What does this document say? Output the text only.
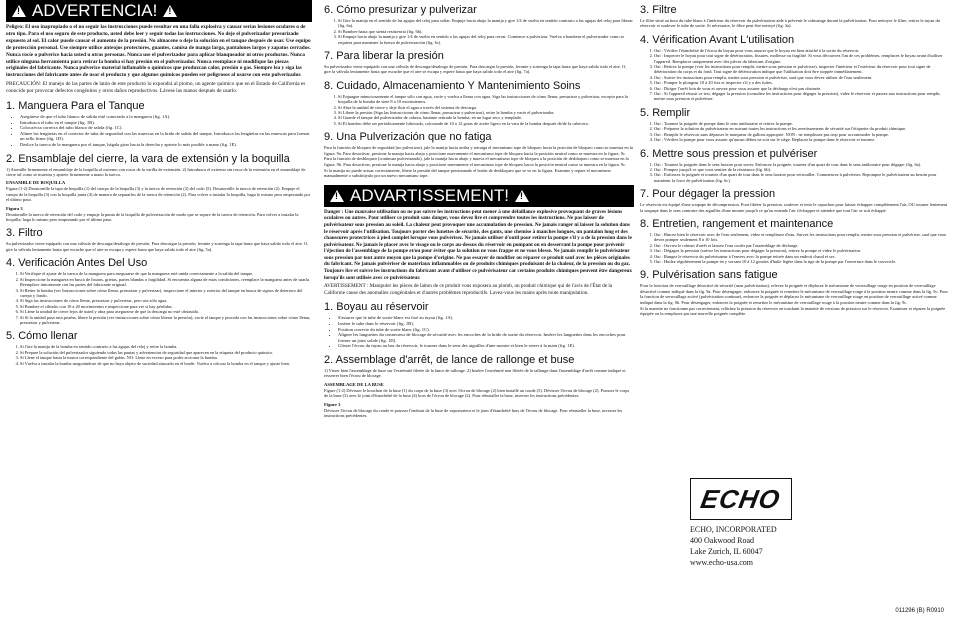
!
ADVERTENCIA!
!

Peligro: El uso inapropiado o el no seguir las instrucciones puede resultar en una falla explosiva y causar serias lesiones oculares o de otro tipo. Para el uso seguro de este producto, usted debe leer y seguir todas las instrucciones. No deje el pulverizador presurizado expuesto al sol. El calor puede causar el aumento de la presión. No almacene o deje la solución en el tanque después de usar. Use equipo de protección personal. Use siempre utilice anteojos protectores, guantes, camisa de manga larga, pantalones largos y zapatos cerrados. Nunca rocíe o pulverice hacia usted u otras personas. Nunca use el pulverizador para aplicar blanqueador ni otros productos. Nunca utilice ninguna herramienta para retirar la bomba si hay presión en el pulverizador. Nunca reemplace ni modifique las piezas originales del fabricante. Nunca pulverice material inflamable o químicos que produzcan calor, presión o gas. Siempre lea y siga las instrucciones del fabricante antes de usar el producto y que algunos químicos pueden ser peligrosos al usarse con este pulverizador.

PRECAUCIÓN: El manejo de las partes de latón de este producto lo expondrá al plomo, un agente químico que en el Estado de California es conocido por provocar defectos congénitos y otros daños reproductivos. Lávese las manos después de usarlo.

1. Manguera Para el Tanque
• Asegúrese de que el tubo blanco de salida esté conectado a la manguera (fig. 1A).
• Introduzca el tubo en el tanque (fig. 1B).
• Coloca/ecta correcta del tubo blanco de salida (fig. 1C).
• Alinee las lengüetas en el conector de tuba de seguridad con las muescas en la brida de salida del tanque. Introduzca las lengüetas en las muescas para formar un sello firme (fig. 1D).
• Deslice la tuerca de la manguera por el tanque, hágala girar hacia la derecha y apriete lo más posible a mano (fig. 1E).
2. Ensamblaje del cierre, la vara de extensión y la boquilla

1) Atornille firmemente el ensamblaje de la boquilla al extremo con rosca de la varilla de extensión. 2) Introduzca el extremo sin rosca de la extensión en el ensamblaje de cierre tal como se muestra y apriete firmemente a mano la tuerca.

ENSAMBLE DE BOQUILLA

Figura (1-2) Desatornille la tapa de boquilla (1) del cuerpo de la boquilla (3) y la tuerca de retención (2) del codo (5). Desatornille la tuerca de retención (2). Empuje el cuerpo de la boquilla (3) con la boquilla junta (4) de manera de separarlos de la tuerca de retención (2). Para volver a instalar la boquilla, haga lo mismo pero empezando por el último paso.

Figura 3

Desatornille la tuerca de retención del codo y empuje la punta de la boquilla de pulverización de modo que se separe de la tuerca de retención. Para volver a instalar la boquilla, haga lo mismo pero empezando por el último paso.

3. Filtro

Su pulverizador viene equipado con una válvula de descarga/desahogo de presión. Para descargar la presión, levante y sostenga la tapa hasta que haya salido todo el aire. O, gire la válvula lentamente hasta que escuche que el aire se escapa y espere hasta que haya salido todo el aire (fig. 5a).

4. Verificación Antes Del Uso
1. Sí Verifique el ajuste de la tuerca de la manguera para asegurarse de que la manguera esté unida correctamente a la salida del tanque.
2. Sí Inspeccione la manguera en busca de fisuras, grietas, partes blandas o fragilidad. Si encuentra alguna de estas condiciones, reemplace la manguera antes de usarla. Reemplace únicamente con las partes del fabricante original.
3. Sí Retire la bomba (ver Instrucciones sobre cómo llenar, presurizar y pulverizar), inspeccione el interior y exterior del tanque en busca de signos de deterioro del cuerpo y fondo.
4. Sí Siga las instrucciones de cómo llenar, presurizar y pulverizar, pero use sólo agua.
5. Sí Bombee el cilindro con 10 a 20 movimientos e inspeccione para ver si hay pérdidas.
6. Sí Llene la unidad de cierre lejos de usted y abra para asegurarse de que la descarga no esté obstruida.
7. Sí Si la unidad pasa esta prueba, libere la presión (ver instrucciones sobre cómo liberar la presión), vacíe el tanque y proceda con las instrucciones sobre cómo llenar, presurizar y pulverizar.
5. Cómo llenar
1. Sí Gire la manija de la bomba en sentido contrario a las agujas del reloj y retire la bomba.
2. Sí Prepare la solución del pulverizador siguiendo todas las pautas y advertencias de seguridad que aparecen en la etiqueta del producto químico.
3. Sí Llene el tanque hasta la marca correspondiente del galón. NO: Llene en exceso para poder accionar la bomba.
4. Sí Vuelva a instalar la bomba asegurándose de que no haya objeto de suciedad atascado en el borde. Vuelva a colocar la bomba en el tanque y ajuste bien.
6. Cómo presurizar y pulverizar
1. Sí Gire la manija en el sentido de las agujas del reloj para soltar. Empuje hacia abajo la manija y gire 1/4 de vuelta en sentido contrario a las agujas del reloj para liberar (fig. 6a).
2. Sí Bombee hasta que sienta resistencia (fig. 6b).
3. Sí Empuje hacia abajo la manija y gire 1/4 de vuelta en sentido a las agujas del reloj para cerrar. Comience a pulverizar. Vuelva a bombear el pulverizador como se requiera para mantener la fuerza de pulverización (fig. 6c).
7. Para liberar la presión

Su pulverizador viene equipado con una válvula de descarga/desahogo de presión. Para descargar la presión, levante y sostenga la tapa hasta que haya salido todo el aire. O, gire la válvula lentamente hasta que escuche que el aire se escapa y espere hasta que haya salido todo el aire (fig. 7a).

8. Cuidado, Almacenamiento Y Mantenimiento Soins
1. Sí Enjuague minuciosamente el tanque sólo con agua, vacíe y vuelva a llenar con agua. Siga las instrucciones de cómo llenar, presurizar y pulverizar, excepto para la boquilla de la bomba de siete 8 a 10 movimientos.
2. Sí Abra la unidad de cierre y deje fluir el agua a través del sistema de descarga.
3. Sí Libere la presión (Siga las Instrucciones de cómo llenar, presurizar y pulverizar), retire la bomba y vacíe el pulverizador.
4. Sí Guarde el tanque del pulverizador de cabeza, bastante retirado la bomba, en un lugar seco y templado.
5. Sí El hombro debe ser periódicamente lubricado, colocando de 10 a 12 gotas de aceite ligero en la vara de la bomba después de/de la cabecera.
9. Una Pulverización que no fatiga

Para la función de bloqueo de seguridad (no pulverizar), jale la manija hacia arriba y retraiga el mecanismo tope de bloqueo hacia la posición de bloqueo como se muestra en la figura. 9a. Para desactivar, presione la manija hacia abajo y posicione nuevamente el mecanismo tope de bloqueo hacia la posición neutral como se muestra en la figura. 9c. Para la función de desbloqueo (continuar pulverizando), jale la manija hacia abajo y mueva el mecanismo tope de bloqueo a la posición de desbloqueo como se muestra en la figura. 9b. Para desactivar, presione la manija hacia abajo y posicione nuevamente el mecanismo tope de bloqueo hacia la posición neutral como se muestra en la figura. 9c.

Si la manija no puede actuar correctamente, libere la presión del tanque presionando el botón de desbloqueo que se ve en la figura. Examine y repare el mecanismo manualmente o substitúyalo por un nuevo mecanismo tope.

!
ADVARTISSEMENT!
!

Danger : Une mauvaise utilisation ou ne pas suivre les instructions peut mener à une défaillance explosive provoquant de graves lésions oculaires ou autres. Pour utiliser ce produit sans danger, vous devez lire et comprendre toutes les instructions. Ne pas laisser de pulvérisateur sous pression au soleil. La chaleur peut provoquer une accumulation de pression. Ne jamais ranger ni laisser la solution dans le réservoir après l'utilisation. Toujours porter des lunettes de sécurité, des gants, une chemise à manches longues, un pantalon long et des chaussures protectrices à pied complet lorsque vous pulvérisez. Ne jamais utiliser d'outil pour retirer la pompe s'il y a de la pression dans le pulvérisateur. Ne jamais le placer avec le visage ou le corps au-dessus du réservoir en pompant ou en desserrant la pompe pour prévenir l'éjection de l'assemblage de la pompe et/ou pour éviter que la solution ne vous frappe et ne vous blesse. Ne jamais remplir le pulvérisateur sous pression par tout autre moyen que la pompe d'origine. Ne pas essayer de modifier ou réparer ce produit sauf avec les pièces originales du fabricant. Ne jamais pulvériser de matériaux inflammables ou de produits chimiques produisant de la chaleur, de la pression ou du gaz. Toujours lire et suivre les instructions du fabricant avant d'utiliser ce pulvérisateur car certains produits chimiques peuvent être dangereux lorsqu'ils sont utilisés avec ce pulvérisateur.

AVERTISSEMENT : Manipuler les pièces de laiton de ce produit vous exposera au plomb, un produit chimique qui de l'avis de l'État de la Californie cause des anomalies congénitales et d'autres problèmes reproductifs. Lavez-vous les mains après toute manipulation.

1. Boyau au réservoir
• S'assurer que le tube de sortie blanc est fixé au tuyau (fig. 1A).
• Insérer le tube dans le réservoir (fig. 1B).
• Position correcte du tube de sortie blanc (fig. 1C).
• Aligner les languettes du connecteur de blocage de sécurité avec les encoches de la bride de sortie du réservoir. Insérer les languettes dans les encoches pour former un joint solide (fig. 1D).
• Glisser l'écrou du tuyau au bas du réservoir, le tourner dans le sens des aiguilles d'une montre et bien le serrer à la main (fig. 1E).
2. Assemblage d'arrêt, de lance de rallonge et buse

1) Visser bien l'assemblage de buse sur l'extrémité filetée de la lance de rallonge. 2) Insérer l'extrémité non filetée de la rallonge dans l'assemblage d'arrêt comme indiqué et resserrer bien l'écrou de blocage.

ASSEMBLAGE DE LA BUSE

Figure (1-2) Dévisser le bouchon de la buse (1) du corps de la buse (3) avec l'écrou de blocage (2) bien installé au coude (5). Dévisser l'écrou de blocage (2). Pousser le corps de la buse (3) avec le joint d'étanchéité de la buse (4) hors de l'écrou de blocage (2). Pour réinstaller la buse, inverser les instructions précédentes.

Figure 3

Dévisser l'écrou de blocage du coude et pousser l'embout de la buse de vaporisateur et le joint d'étanchéité hors de l'écrou de blocage. Pour réinstaller la buse, inverser les instructions précédentes.

3. Filtre

Le filtre situé au bout du tube blanc à l'intérieur du réservoir du pulvérisateur aide à prévenir le colmatage durant la pulvérisation. Pour nettoyer le filtre, retirer le tuyau du réservoir et soulever le tube de sortie. Si nécessaire, le filtre peut être nettoyé (fig. 3a).

4. Vérification Avant L'utilisation
1. Oui : Vérifier l'étanchéité de l'écrou du boyau pour vous assurer que le boyau est bien attaché à la sortie du réservoir.
2. Oui : Inspecter le boyau pour tout signe de détérioration, fissures, mollesse ou fragilité. Si vous découvrez l'un de ces problèmes, remplacez le boyau avant d'utiliser l'appareil. Remplacer uniquement avec des pièces du fabricant d'origine.
3. Oui : Retirez la pompe (voir les instructions pour remplir, mettre sous pression et pulvériser), inspecter l'intérieur et l'extérieur du réservoir pour tout signe de détérioration du corps et du fond. Tout signe de détérioration indique que l'utilisation doit être stoppée immédiatement.
4. Oui : Suivre les instructions pour remplir, mettre sous pression et pulvériser, sauf que vous devez utiliser de l'eau seulement.
5. Oui : Pomper le plongeur 10 à 20 fois et inspecter s'il y a des fuites.
6. Oui : Diriger l'arrêt loin de vous et ouvrez pour vous assurer que la décharge n'est pas obstruée.
7. Oui : Si l'appareil réussit ce test, dégager la pression (consultez les instructions pour dégager la pression), videz le réservoir et passez aux instructions pour remplir, mettre sous pression et pulvériser.
5. Remplir
1. Oui : Tournez la poignée de pompe dans le sens antihoraire et retirez la pompe.
2. Oui : Préparez la solution du pulvérisateur en suivant toutes les instructions et les avertissements de sécurité sur l'étiquette du produit chimique.
3. Oui : Remplir le réservoir sans dépasser le marqueur de gallons approprié. NON : ne remplissez pas trop pour accommoder la pompe.
4. Oui : Vérifiez la pompe pour vous assurer qu'aucun débris ne soit sur le siège. Replacez la pompe dans le réservoir et tournez.
6. Mettre sous pression et pulvériser
1. Oui : Tournez la poignée dans le sens horaire pour serrer. Enfoncez la poignée, tournez d'un quart de tour dans le sens antihoraire pour dégager (fig. 6a).
2. Oui : Pompez jusqu'à ce que vous sentiez de la résistance (fig. 6b).
3. Oui : Enfoncez la poignée et tournez d'un quart de tour dans le sens horaire pour verrouiller. Commencez à pulvériser. Repompez le pulvérisateur au besoin pour maintenir la force de pulvérisation (fig. 6c).
7. Pour dégager la pression

Le réservoir est équipé d'une soupape de décompression. Pour libérer la pression, soulever et tenir le capuchon pour laisser échapper complètement l'air, OU tourner lentement la soupape dans le sens contraire des aiguilles d'une montre jusqu'à ce qu'on entende l'air s'échapper et attendre que tout l'air se soit échappé.

8. Entretien, rangement et maintenance
1. Oui : Rincez bien le réservoir avec de l'eau seulement, videz et remplissez d'eau. Suivez les instructions pour remplir, mettre sous pression et pulvériser, sauf que vous devez pomper seulement 8 à 10 fois.
2. Oui : Ouvrez le robinet d'arrêt et laissez l'eau couler par l'assemblage de décharge.
3. Oui : Dégagez la pression (suivez les instructions pour dégager la pression), retirez la pompe et videz le pulvérisateur.
4. Oui : Rangez le réservoir du pulvérisateur à l'envers avec la pompe retirée dans un endroit chaud et sec.
5. Oui : Huilez régulièrement la pompe en y versant 10 à 12 gouttes d'huile légère dans la tige de la pompe par l'ouverture dans le couvercle.
9. Pulvérisation sans fatigue

Pour la fonction de verrouillage désactivé de sécurité (sans pulvérisation), relevez la poignée et déplacez le mécanisme de verrouillage rouge en position de verrouillage désactivé comme indiqué dans la fig. 9a. Pour désengager, enfoncez la poignée et remettez le mécanisme de verrouillage rouge à la position neutre comme dans la fig. 9c. Pour la fonction de verrouillage activé (pulvérisation continue), enfoncez la poignée et déplacez le mécanisme de verrouillage rouge en position de verrouillage activé comme indiqué dans la fig. 9b. Pour désengager, enfoncez la poignée et remettez le mécanisme de verrouillage rouge à la position neutre comme dans la fig. 9c.

Si la manette ne fonctionne pas correctement, relâchez la pression du réservoir en touchant la manette de versions de pression sur le réservoir. Examinez et réparez la poignée équipée ou la remplacez par une nouvelle poignée complète.

ECHO
ECHO, INCORPORATED
400 Oakwood Road
Lake Zurich, IL 60047
www.echo-usa.com
011296 (B) R0910
